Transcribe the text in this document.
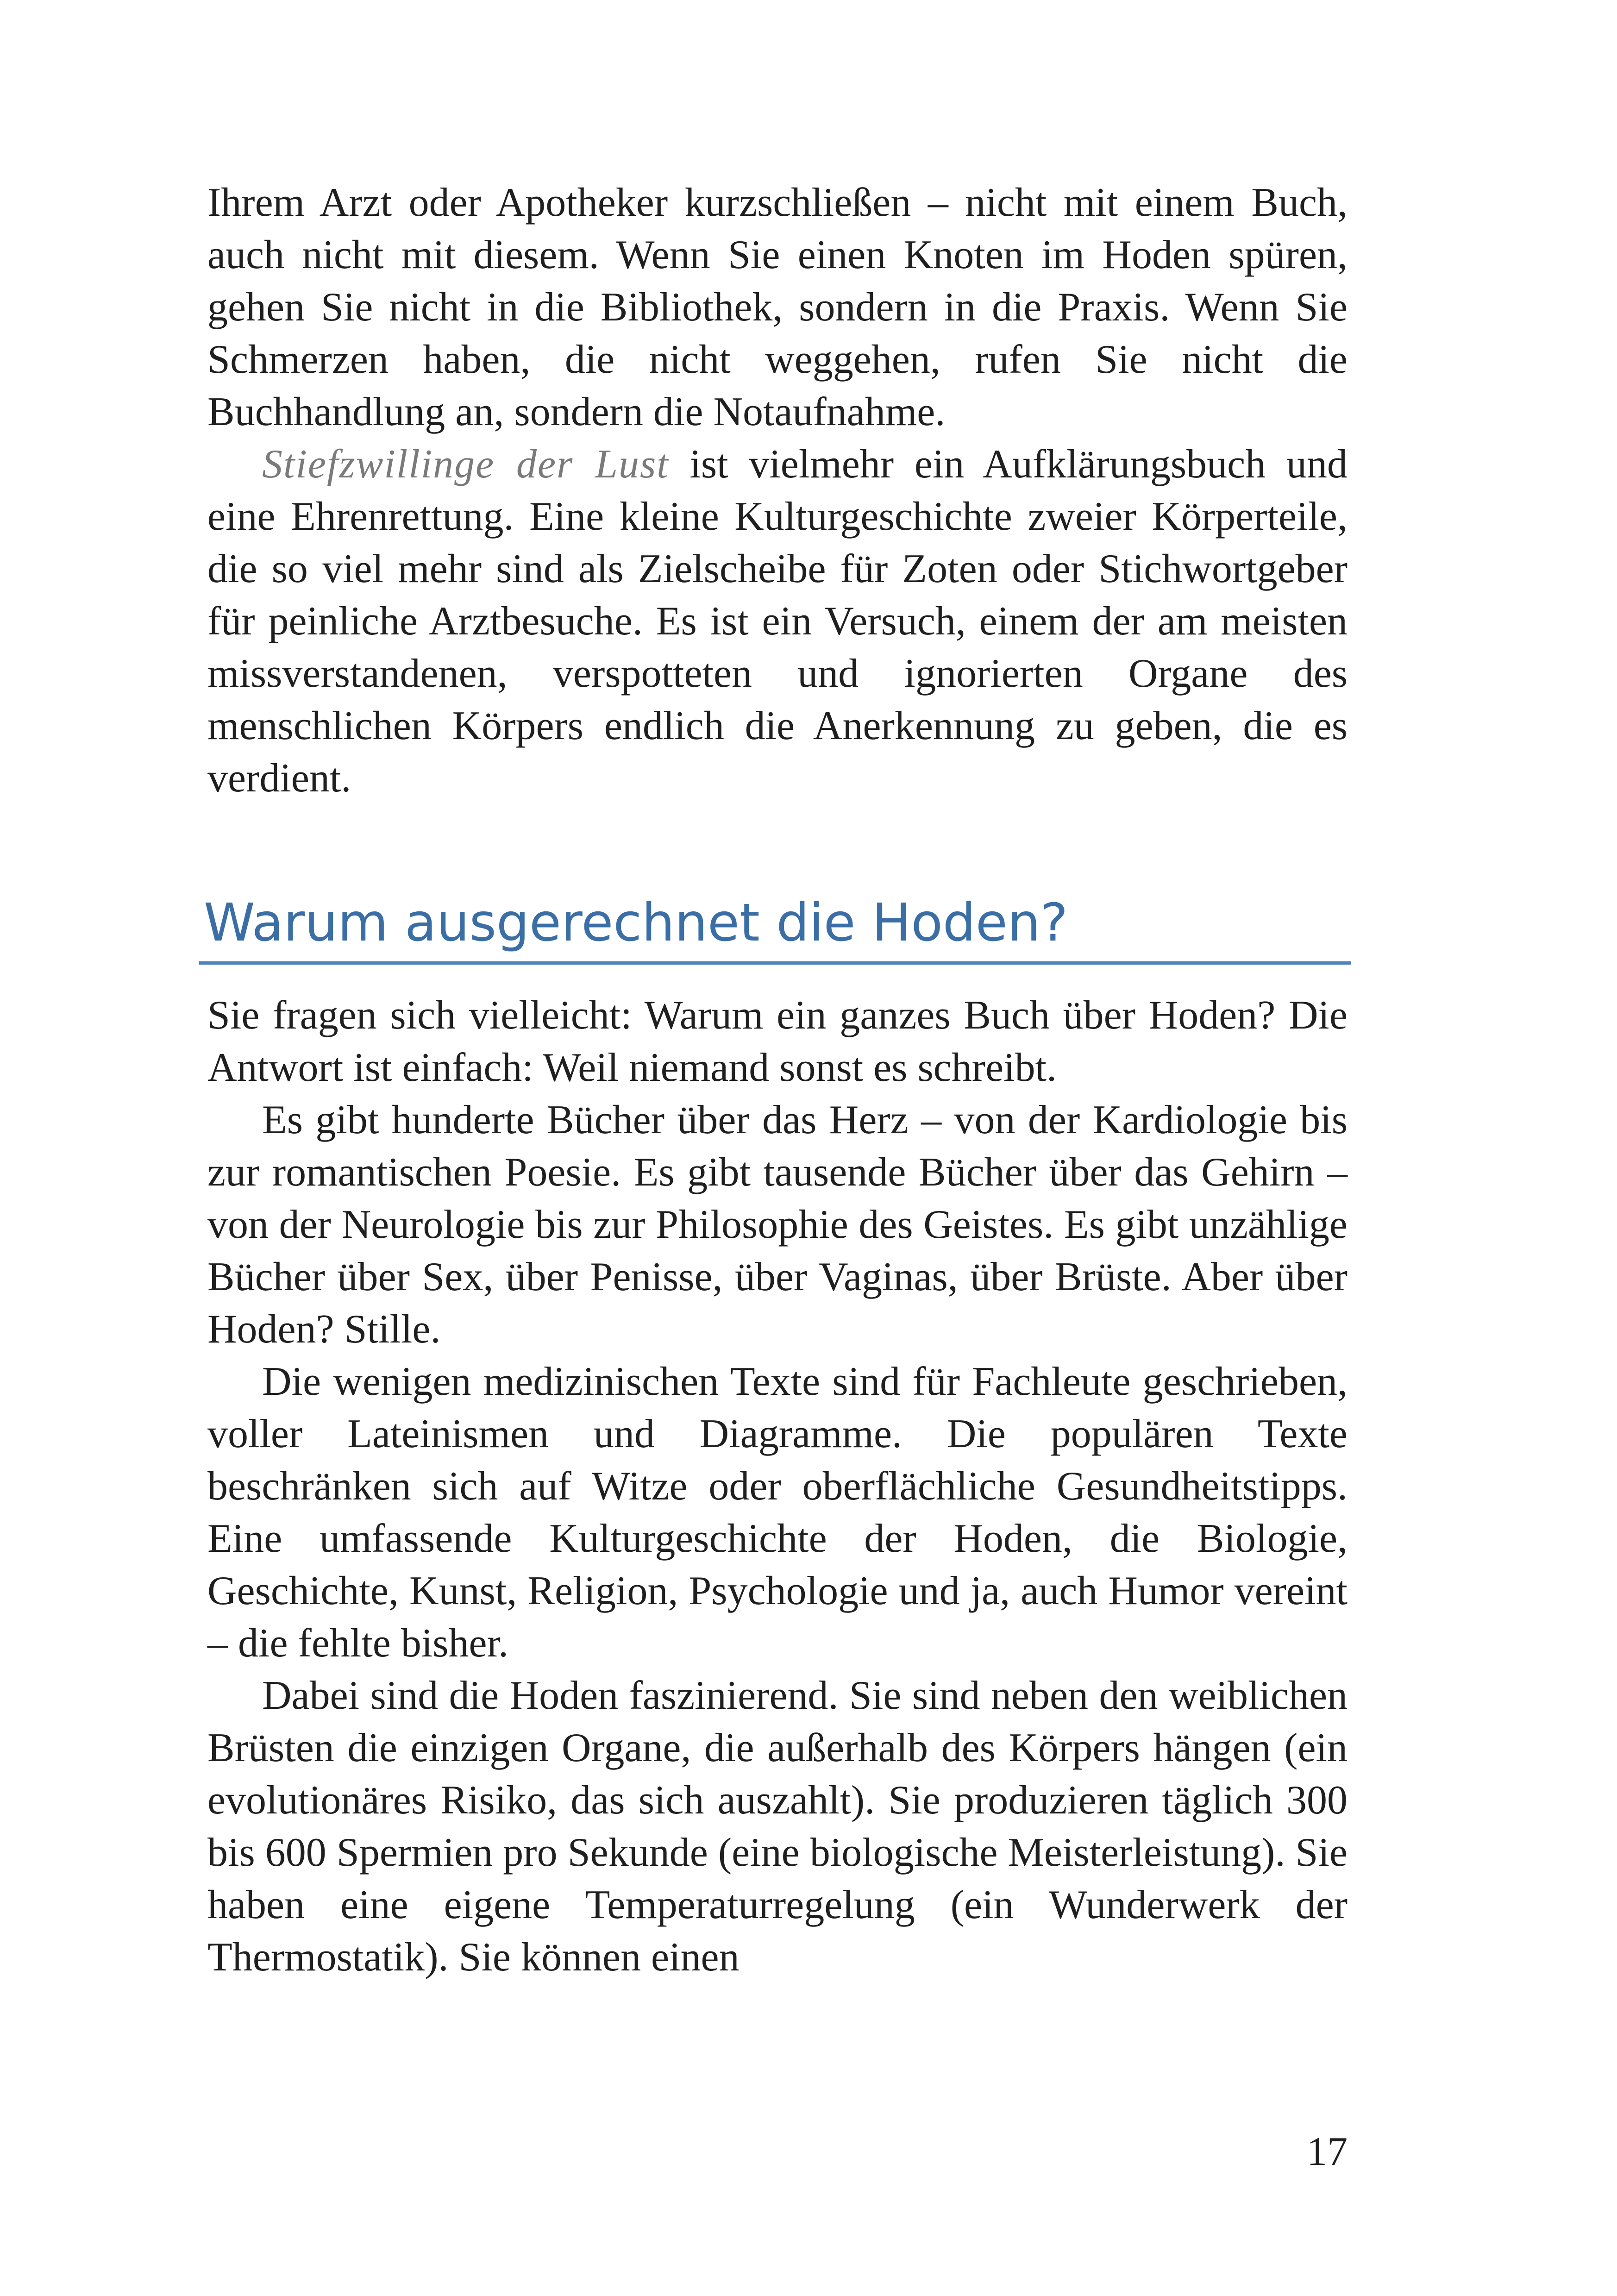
Ihrem Arzt oder Apotheker kurzschließen – nicht mit einem Buch, auch nicht mit diesem. Wenn Sie einen Knoten im Hoden spüren, gehen Sie nicht in die Bibliothek, sondern in die Praxis. Wenn Sie Schmerzen haben, die nicht weggehen, rufen Sie nicht die Buchhandlung an, sondern die Notaufnahme.

Stiefzwillinge der Lust ist vielmehr ein Aufklärungsbuch und eine Ehrenrettung. Eine kleine Kulturgeschichte zweier Körperteile, die so viel mehr sind als Zielscheibe für Zoten oder Stichwortgeber für peinliche Arztbesuche. Es ist ein Versuch, einem der am meisten missverstandenen, verspotteten und ignorierten Organe des menschlichen Körpers endlich die Anerkennung zu geben, die es verdient.

Warum ausgerechnet die Hoden?

Sie fragen sich vielleicht: Warum ein ganzes Buch über Hoden? Die Antwort ist einfach: Weil niemand sonst es schreibt.

Es gibt hunderte Bücher über das Herz – von der Kardiologie bis zur romantischen Poesie. Es gibt tausende Bücher über das Gehirn – von der Neurologie bis zur Philosophie des Geistes. Es gibt unzählige Bücher über Sex, über Penisse, über Vaginas, über Brüste. Aber über Hoden? Stille.

Die wenigen medizinischen Texte sind für Fachleute geschrieben, voller Lateinismen und Diagramme. Die populären Texte beschränken sich auf Witze oder oberflächliche Gesundheitstipps. Eine umfassende Kulturgeschichte der Hoden, die Biologie, Geschichte, Kunst, Religion, Psychologie und ja, auch Humor vereint – die fehlte bisher.

Dabei sind die Hoden faszinierend. Sie sind neben den weiblichen Brüsten die einzigen Organe, die außerhalb des Körpers hängen (ein evolutionäres Risiko, das sich auszahlt). Sie produzieren täglich 300 bis 600 Spermien pro Sekunde (eine biologische Meisterleistung). Sie haben eine eigene Temperaturregelung (ein Wunderwerk der Thermostatik). Sie können einen

17
